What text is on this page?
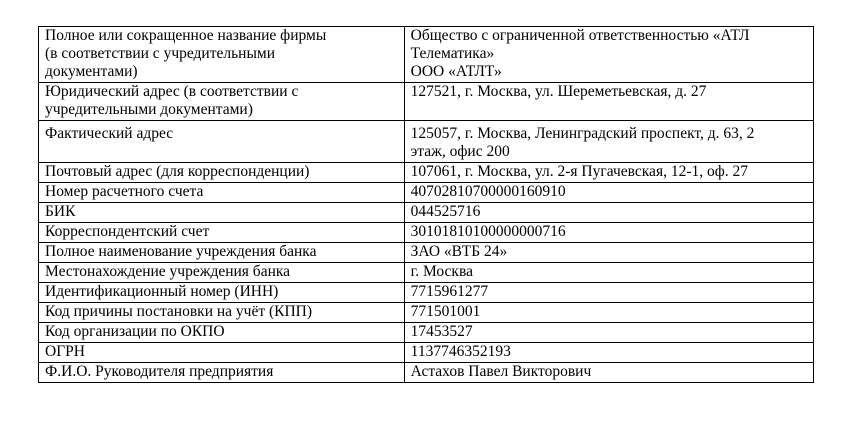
Полное или сокращенное название фирмы
(в соответствии с учредительными
документами)	Общество с ограниченной ответственностью «АТЛ
Телематика»
ООО «АТЛТ»
Юридический адрес (в соответствии с
учредительными документами)	127521, г. Москва, ул. Шереметьевская, д. 27
Фактический адрес	125057, г. Москва, Ленинградский проспект, д. 63, 2
этаж, офис 200
Почтовый адрес (для корреспонденции)	107061, г. Москва, ул. 2-я Пугачевская, 12-1, оф. 27
Номер расчетного счета	40702810700000160910
БИК	044525716
Корреспондентский счет	30101810100000000716
Полное наименование учреждения банка	ЗАО «ВТБ 24»
Местонахождение учреждения банка	г. Москва
Идентификационный номер (ИНН)	7715961277
Код причины постановки на учёт (КПП)	771501001
Код организации по ОКПО	17453527
ОГРН	1137746352193
Ф.И.О. Руководителя предприятия	Астахов Павел Викторович
